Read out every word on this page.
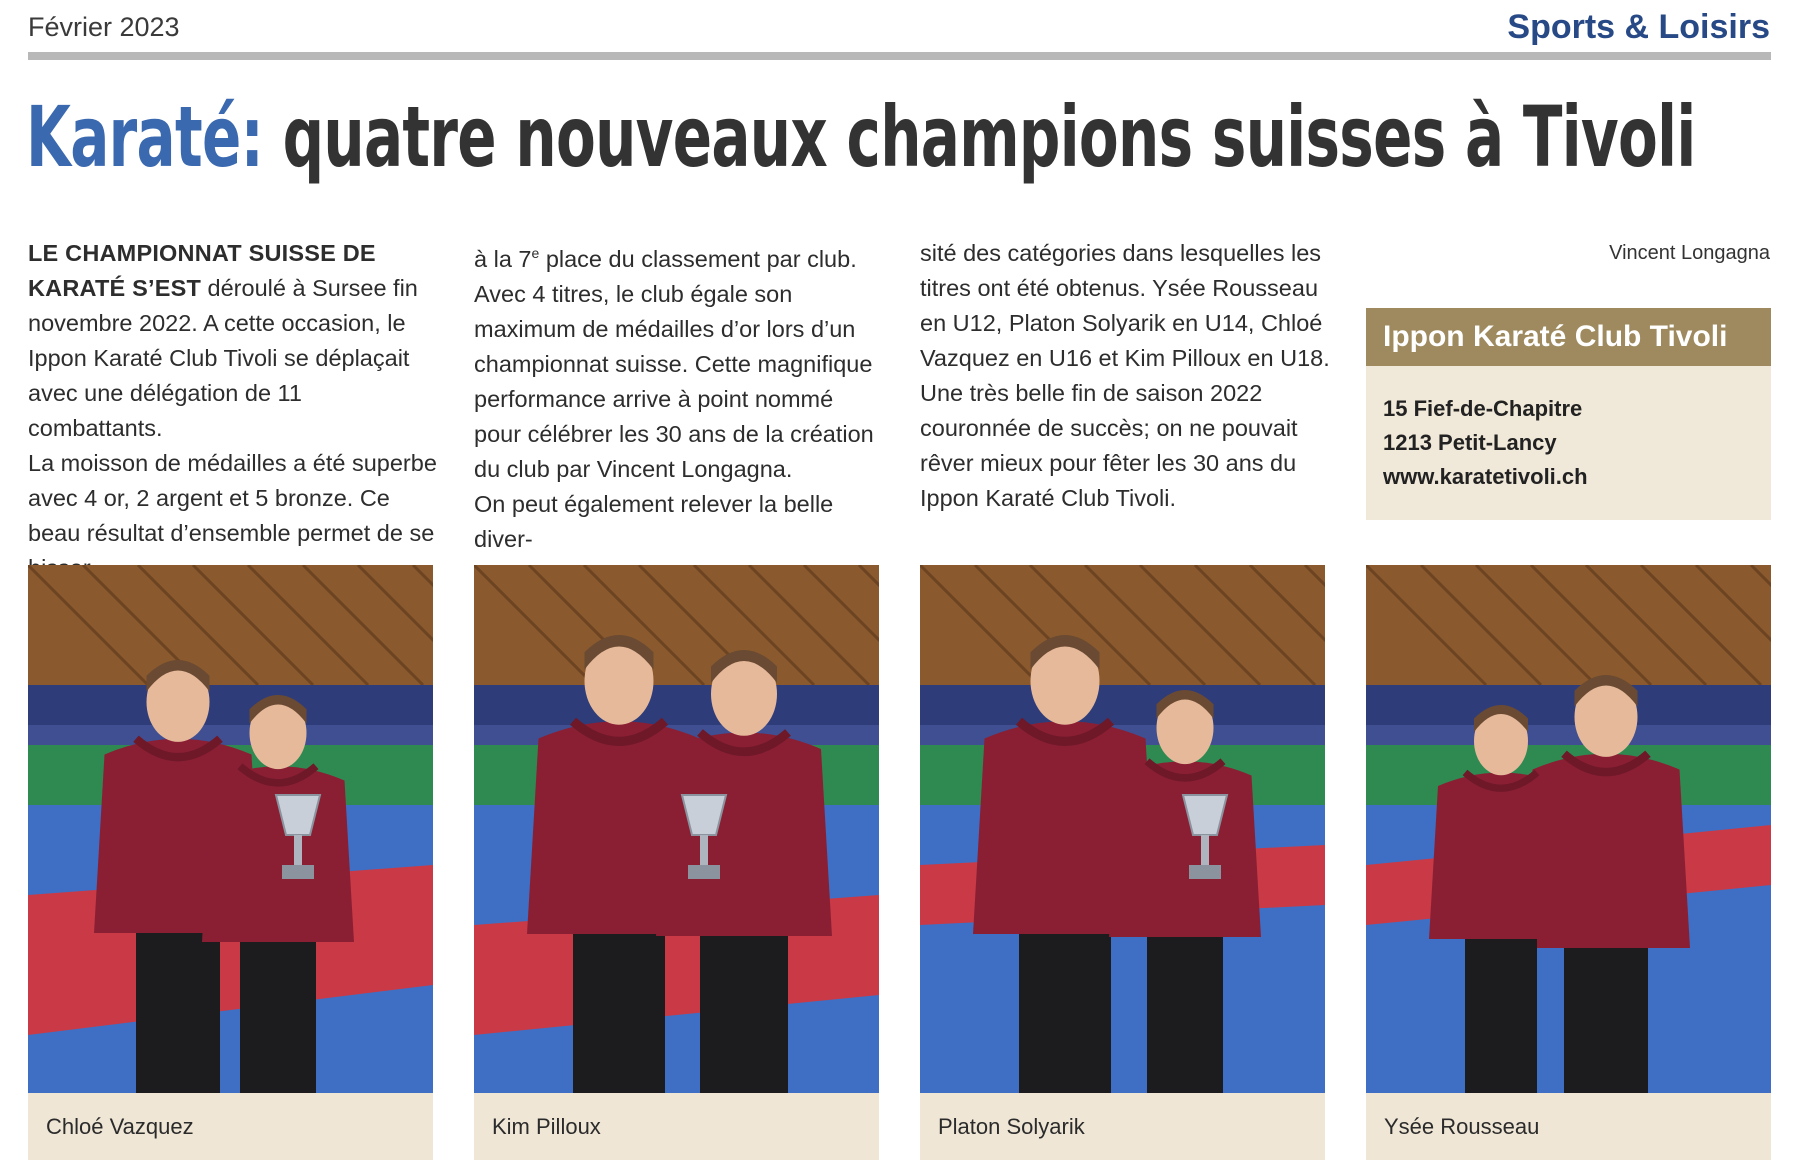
Février 2023	Sports & Loisirs
Karaté: quatre nouveaux champions suisses à Tivoli

LE CHAMPIONNAT SUISSE DE KARATÉ S’EST déroulé à Sursee fin novembre 2022. A cette occasion, le Ippon Karaté Club Tivoli se déplaçait avec une délégation de 11 combattants.

La moisson de médailles a été superbe avec 4 or, 2 argent et 5 bronze. Ce beau résultat d’ensemble permet de se

à la 7e place du classement par club. Avec 4 titres, le club égale son maximum de médailles d’or lors d’un championnat suisse. Cette magnifique performance arrive à point nommé pour célébrer les 30 ans de la création du club par Vincent Longagna.

On peut également relever la belle diver-

sité des catégories dans lesquelles les titres ont été obtenus. Ysée Rousseau en U12, Platon Solyarik en U14, Chloé Vazquez en U16 et Kim Pilloux en U18. Une très belle fin de saison 2022 couronnée de succès; on ne pouvait rêver mieux pour fêter les 30 ans du Ippon Karaté Club Tivoli.

Vincent Longagna
Ippon Karaté Club Tivoli
15 Fief-de-Chapitre
1213 Petit-Lancy
www.karatetivoli.ch
Chloé Vazquez	Kim Pilloux	Platon Solyarik	Ysée Rousseau
